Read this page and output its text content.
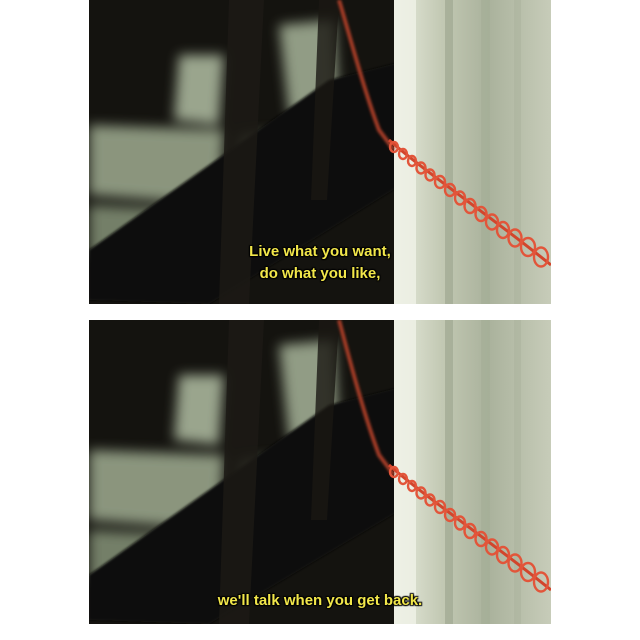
Live what you want,
do what you like,
we'll talk when you get back.
